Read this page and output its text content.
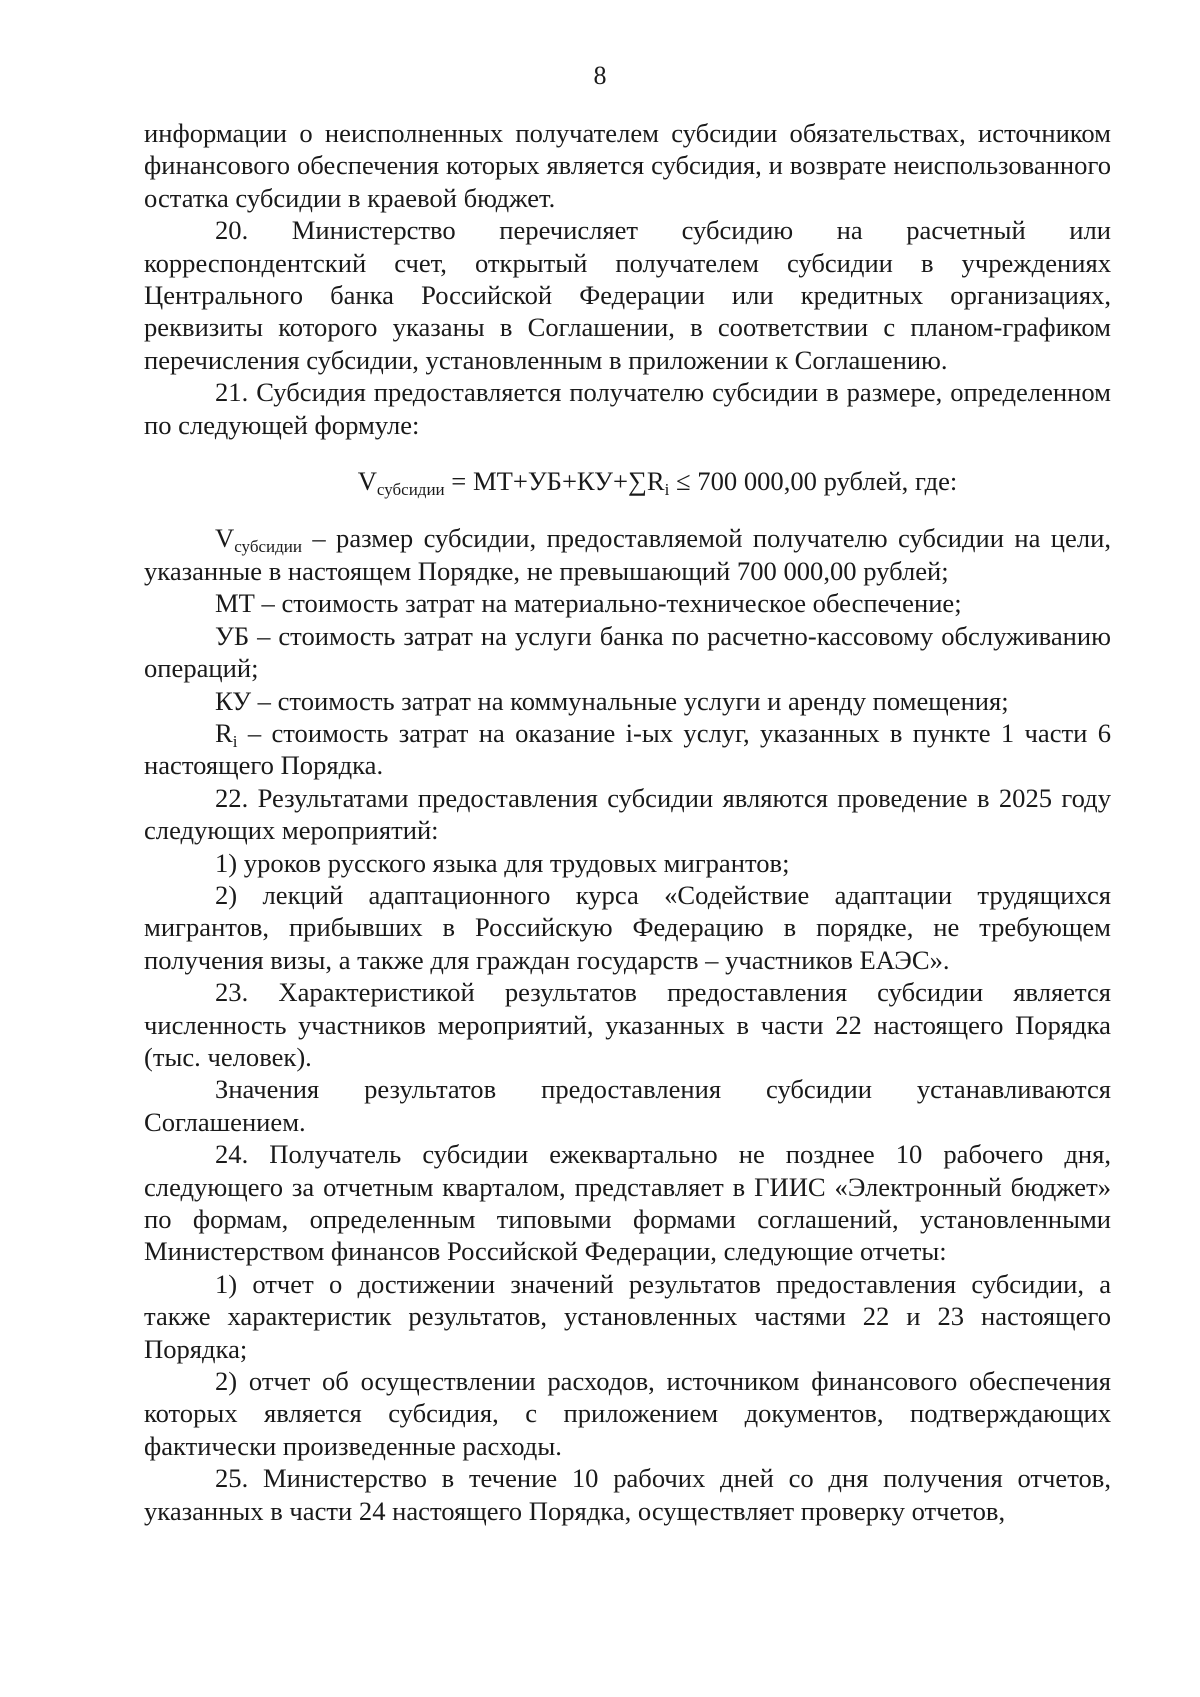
8

информации о неисполненных получателем субсидии обязательствах, источником финансового обеспечения которых является субсидия, и возврате неиспользованного остатка субсидии в краевой бюджет.

20. Министерство перечисляет субсидию на расчетный или корреспондентский счет, открытый получателем субсидии в учреждениях Центрального банка Российской Федерации или кредитных организациях, реквизиты которого указаны в Соглашении, в соответствии с планом-графиком перечисления субсидии, установленным в приложении к Соглашению.

21. Субсидия предоставляется получателю субсидии в размере, определенном по следующей формуле:

$V_{субсидии} = МТ+УБ+КУ+\sum R_i \le 700$ 000,00 рублей, где:

$V_{субсидии}$ – размер субсидии, предоставляемой получателю субсидии на цели, указанные в настоящем Порядке, не превышающий 700 000,00 рублей;

МТ – стоимость затрат на материально-техническое обеспечение;

УБ – стоимость затрат на услуги банка по расчетно-кассовому обслуживанию операций;

КУ – стоимость затрат на коммунальные услуги и аренду помещения;

$R_i$ – стоимость затрат на оказание i-ых услуг, указанных в пункте 1 части 6 настоящего Порядка.

22. Результатами предоставления субсидии являются проведение в 2025 году следующих мероприятий:

1) уроков русского языка для трудовых мигрантов;

2) лекций адаптационного курса «Содействие адаптации трудящихся мигрантов, прибывших в Российскую Федерацию в порядке, не требующем получения визы, а также для граждан государств – участников ЕАЭС».

23. Характеристикой результатов предоставления субсидии является численность участников мероприятий, указанных в части 22 настоящего Порядка (тыс. человек).

Значения результатов предоставления субсидии устанавливаются Соглашением.

24. Получатель субсидии ежеквартально не позднее 10 рабочего дня, следующего за отчетным кварталом, представляет в ГИИС «Электронный бюджет» по формам, определенным типовыми формами соглашений, установленными Министерством финансов Российской Федерации, следующие отчеты:

1) отчет о достижении значений результатов предоставления субсидии, а также характеристик результатов, установленных частями 22 и 23 настоящего Порядка;

2) отчет об осуществлении расходов, источником финансового обеспечения которых является субсидия, с приложением документов, подтверждающих фактически произведенные расходы.

25. Министерство в течение 10 рабочих дней со дня получения отчетов, указанных в части 24 настоящего Порядка, осуществляет проверку отчетов,
